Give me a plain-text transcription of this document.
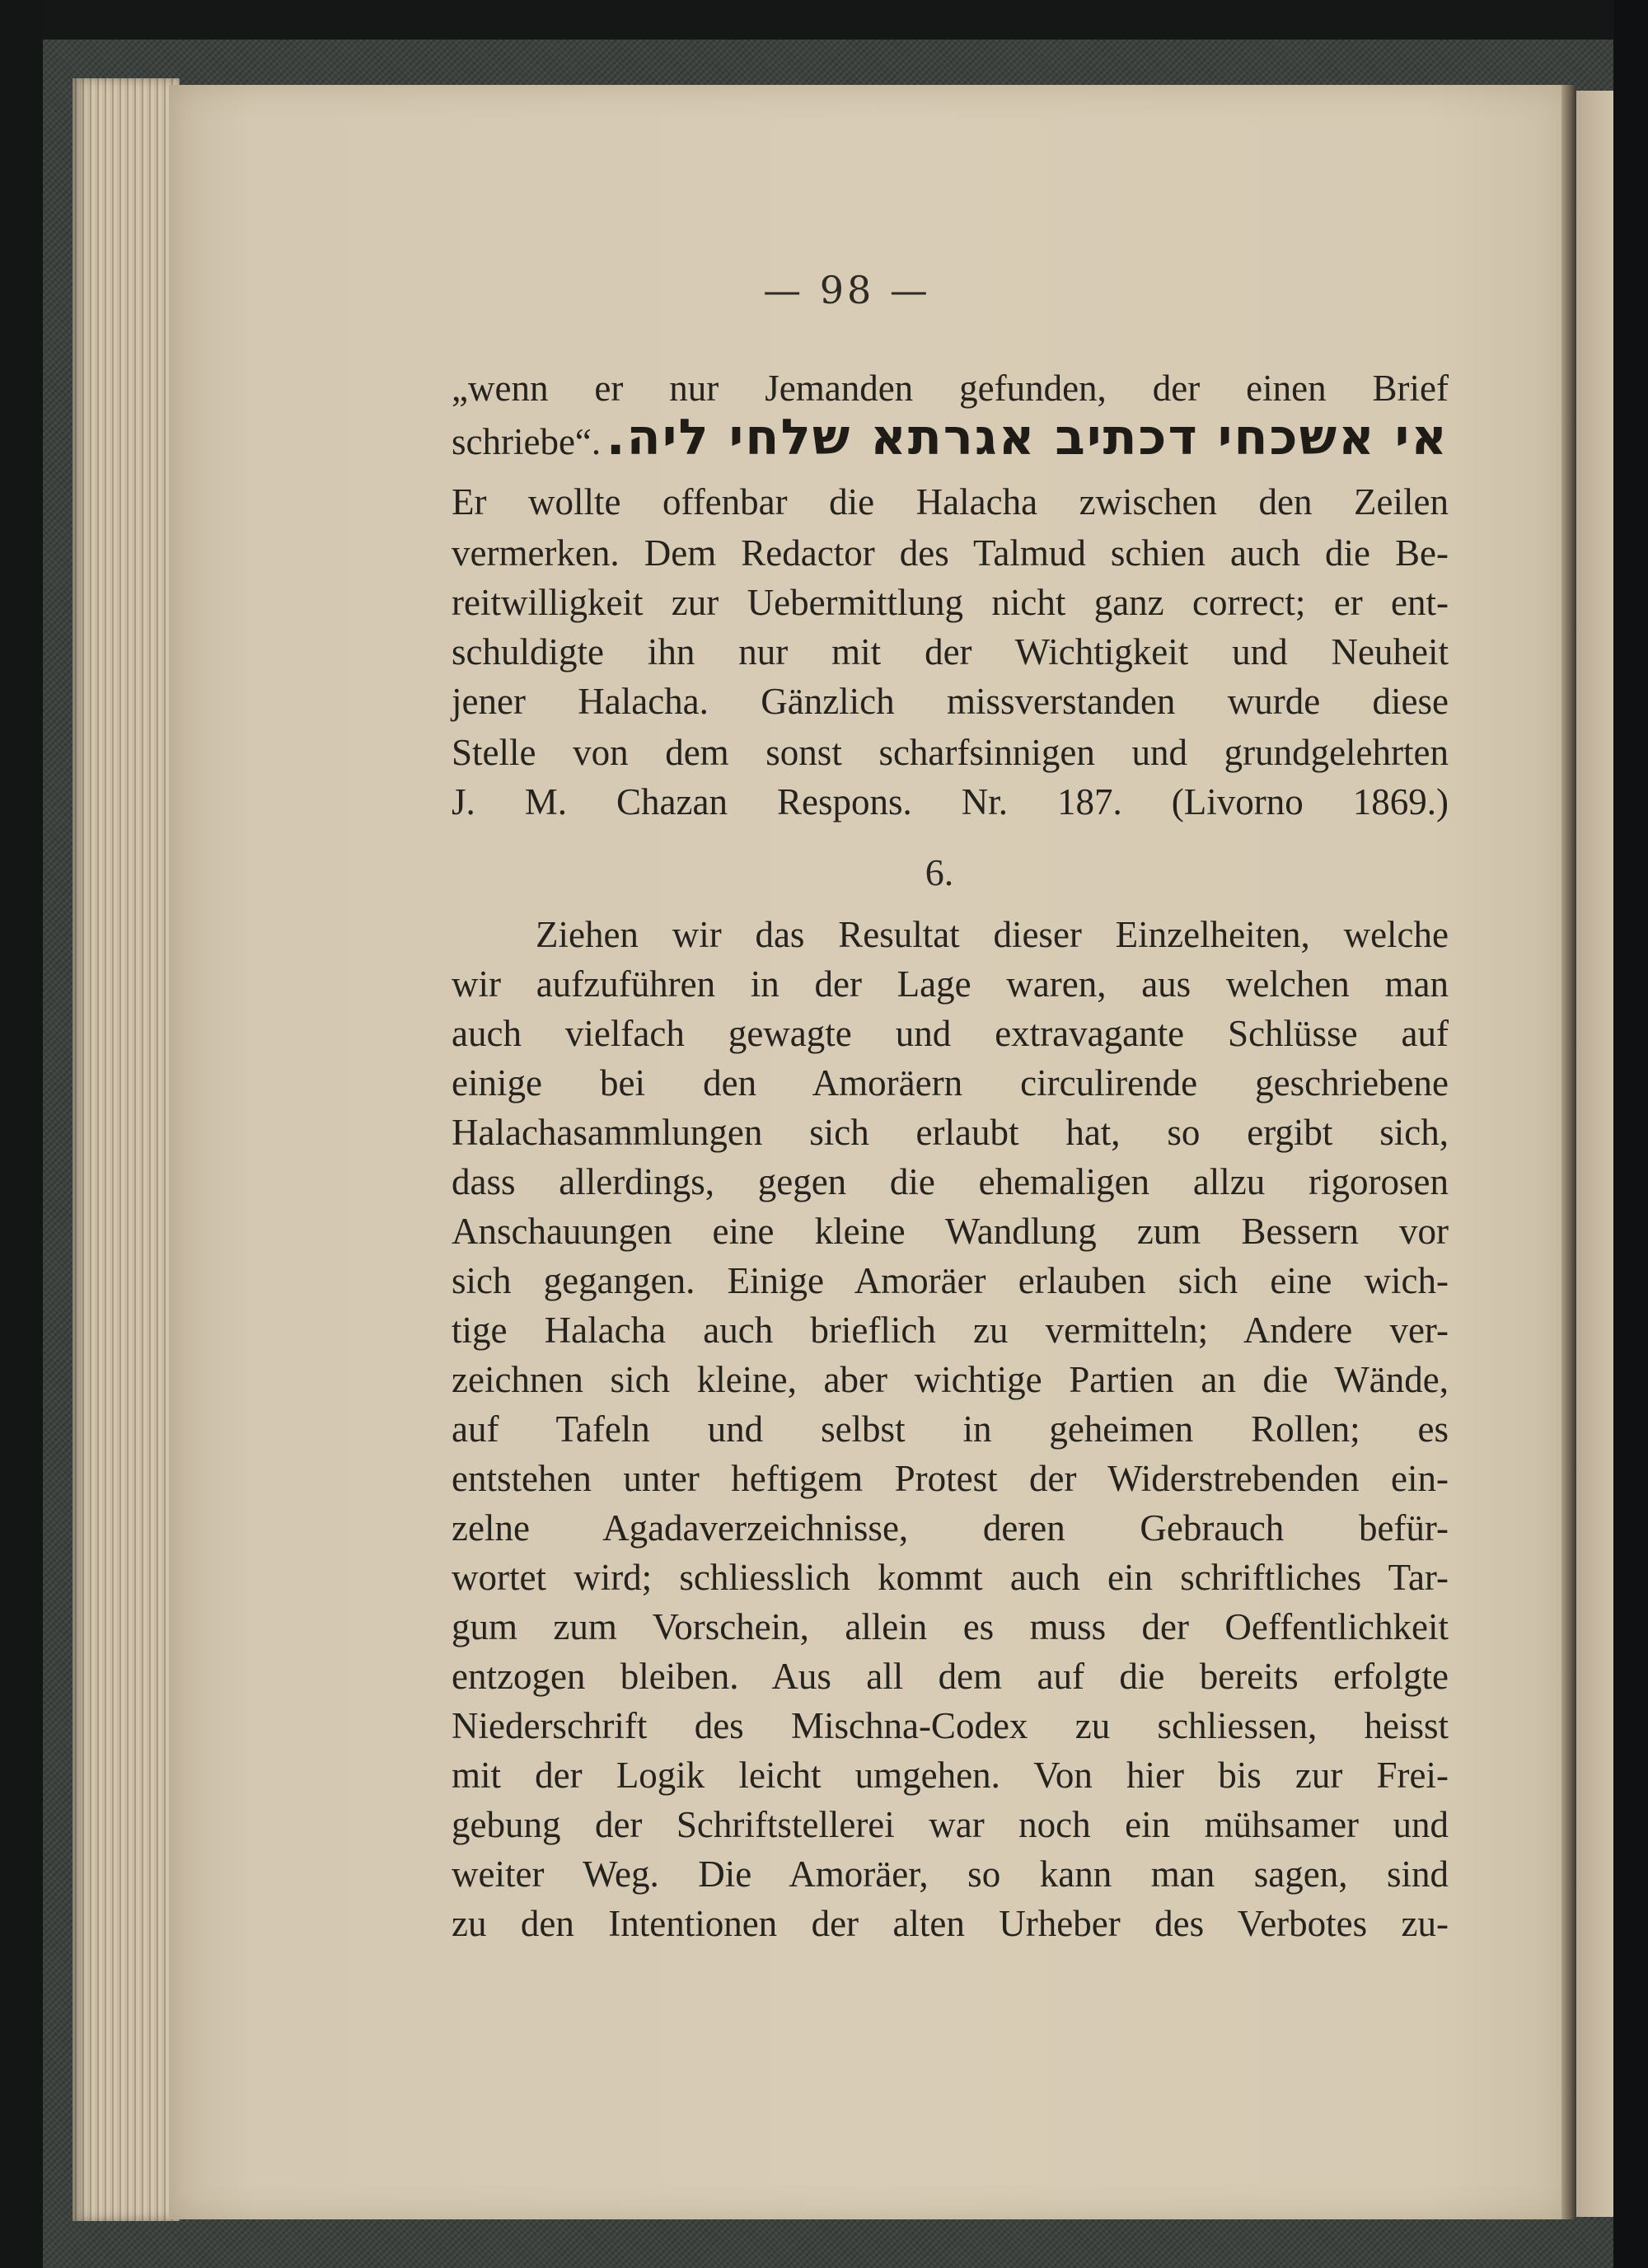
— 98 —
„wenn er nur Jemanden gefunden, der einen Brief
schriebe“. אי אשכחי דכתיב אגרתא שלחי ליה.
Er wollte offenbar die Halacha zwischen den Zeilen
vermerken. Dem Redactor des Talmud schien auch die Be-
reitwilligkeit zur Uebermittlung nicht ganz correct; er ent-
schuldigte ihn nur mit der Wichtigkeit und Neuheit
jener Halacha. Gänzlich missverstanden wurde diese
Stelle von dem sonst scharfsinnigen und grundgelehrten
J. M. Chazan Respons. Nr. 187. (Livorno 1869.)
6.
Ziehen wir das Resultat dieser Einzelheiten, welche
wir aufzuführen in der Lage waren, aus welchen man
auch vielfach gewagte und extravagante Schlüsse auf
einige bei den Amoräern circulirende geschriebene
Halachasammlungen sich erlaubt hat, so ergibt sich,
dass allerdings, gegen die ehemaligen allzu rigorosen
Anschauungen eine kleine Wandlung zum Bessern vor
sich gegangen. Einige Amoräer erlauben sich eine wich-
tige Halacha auch brieflich zu vermitteln; Andere ver-
zeichnen sich kleine, aber wichtige Partien an die Wände,
auf Tafeln und selbst in geheimen Rollen; es
entstehen unter heftigem Protest der Widerstrebenden ein-
zelne Agadaverzeichnisse, deren Gebrauch befür-
wortet wird; schliesslich kommt auch ein schriftliches Tar-
gum zum Vorschein, allein es muss der Oeffentlichkeit
entzogen bleiben. Aus all dem auf die bereits erfolgte
Niederschrift des Mischna-Codex zu schliessen, heisst
mit der Logik leicht umgehen. Von hier bis zur Frei-
gebung der Schriftstellerei war noch ein mühsamer und
weiter Weg. Die Amoräer, so kann man sagen, sind
zu den Intentionen der alten Urheber des Verbotes zu-
